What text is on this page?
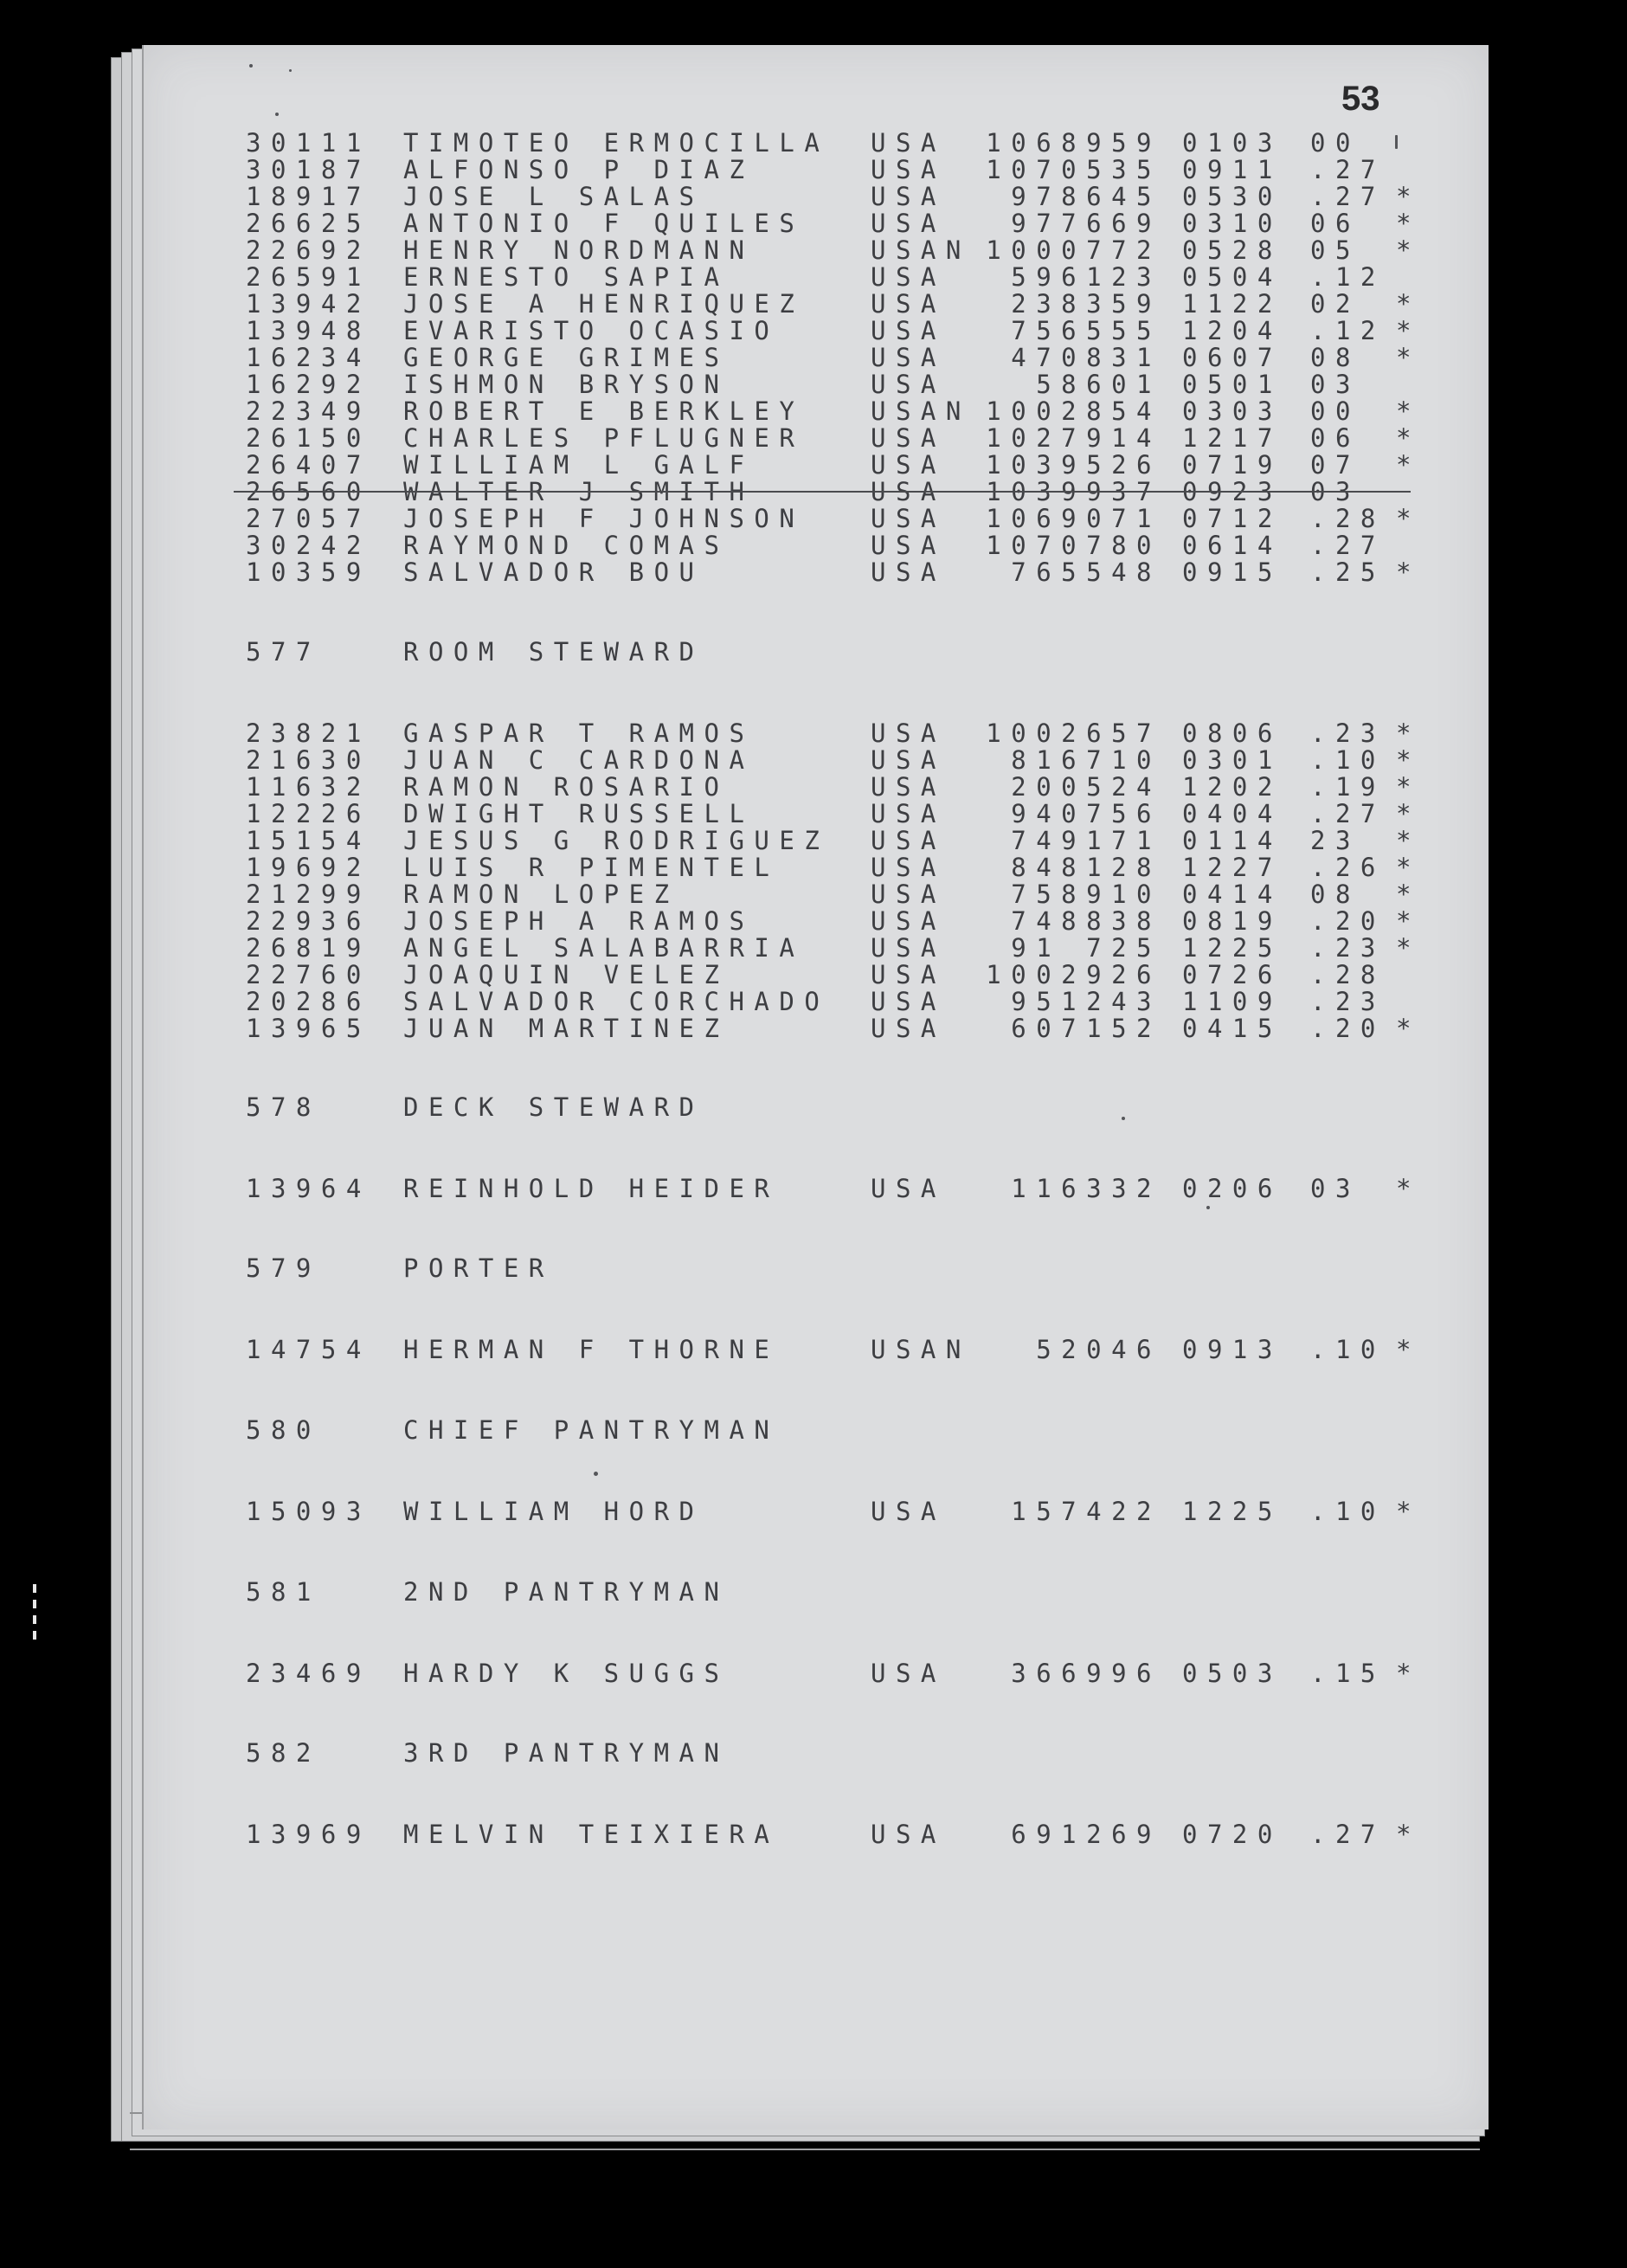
53
30111 TIMOTEO ERMOCILLA USA	1068959 0103 00
30187 ALFONSO P DIAZ	USA	1070535 0911 .27
18917 JOSE L SALAS	USA	978645 0530 .27 *
26625 ANTONIO F QUILES	USA	977669 0310 06 *
22692 HENRY NORDMANN	USAN 1000772 0528 05 *
26591 ERNESTO SAPIA	USA	596123 0504 .12
13942 JOSE A HENRIQUEZ	USA	238359 1122 02 *
13948 EVARISTO OCASIO	USA	756555 1204 .12 *
16234 GEORGE GRIMES	USA	470831 0607 08 *
16292 ISHMON BRYSON	USA	58601 0501 03
22349 ROBERT E BERKLEY	USAN 1002854 0303 00 *
26150 CHARLES PFLUGNER	USA	1027914 1217 06 *
26407 WILLIAM L GALF	USA	1039526 0719 07 *
26560 WALTER J SMITH	USA	1039937 0923 03
27057 JOSEPH F JOHNSON	USA	1069071 0712 .28 *
30242 RAYMOND COMAS	USA	1070780 0614 .27
10359 SALVADOR BOU	USA	765548 0915 .25 *
577	ROOM STEWARD
23821 GASPAR T RAMOS	USA	1002657 0806 .23 *
21630 JUAN C CARDONA	USA	816710 0301 .10 *
11632 RAMON ROSARIO	USA	200524 1202 .19 *
12226 DWIGHT RUSSELL	USA	940756 0404 .27 *
15154 JESUS G RODRIGUEZ USA	749171 0114 23 *
19692 LUIS R PIMENTEL	USA	848128 1227 .26 *
21299 RAMON LOPEZ	USA	758910 0414 08 *
22936 JOSEPH A RAMOS	USA	748838 0819 .20 *
26819 ANGEL SALABARRIA	USA	91 725 1225 .23 *
22760 JOAQUIN VELEZ	USA	1002926 0726 .28
20286 SALVADOR CORCHADO USA	951243 1109 .23
13965 JUAN MARTINEZ	USA	607152 0415 .20 *
578	DECK STEWARD
13964 REINHOLD HEIDER	USA	116332 0206 03 *
579	PORTER
14754 HERMAN F THORNE	USAN	52046 0913 .10 *
580	CHIEF PANTRYMAN
15093 WILLIAM HORD	USA	157422 1225 .10 *
581	2ND PANTRYMAN
23469 HARDY K SUGGS	USA	366996 0503 .15 *
582	3RD PANTRYMAN
13969 MELVIN TEIXIERA	USA	691269 0720 .27 *
